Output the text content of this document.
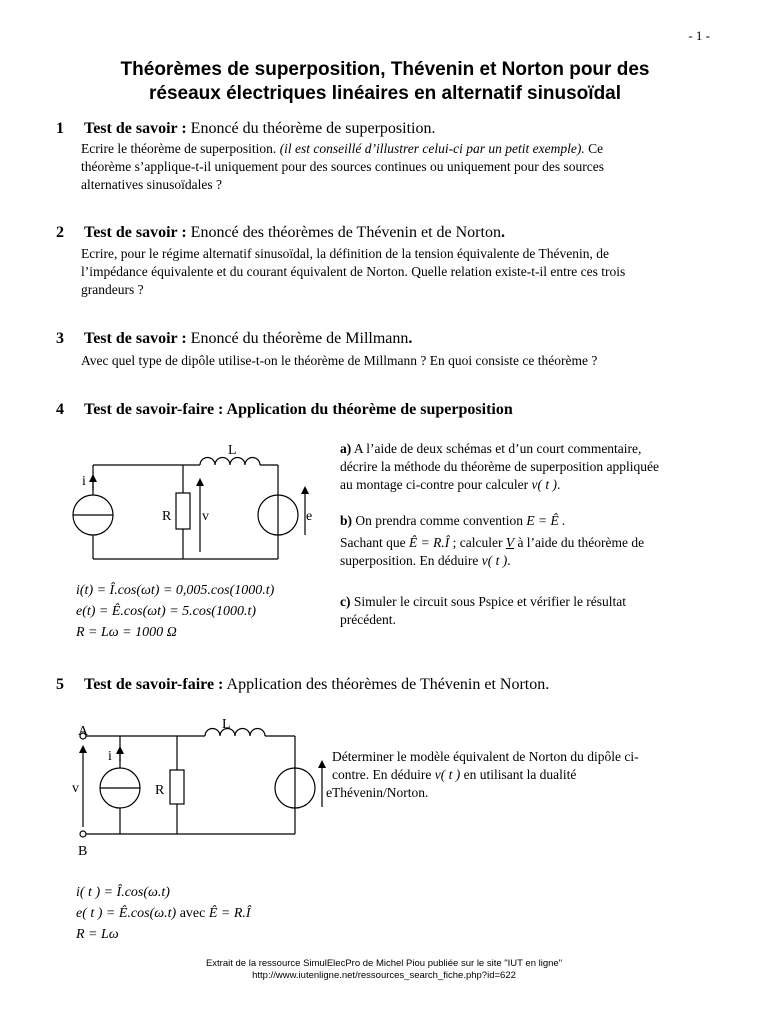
- 1 -
Théorèmes de superposition, Thévenin et Norton pour des
réseaux électriques linéaires en alternatif sinusoïdal
1 Test de savoir : Enoncé du théorème de superposition.
Ecrire le théorème de superposition. (il est conseillé d’illustrer celui-ci par un petit exemple). Ce
théorème s’applique-t-il uniquement pour des sources continues ou uniquement pour des sources
alternatives sinusoïdales ?
2 Test de savoir : Enoncé des théorèmes de Thévenin et de Norton.
Ecrire, pour le régime alternatif sinusoïdal, la définition de la tension équivalente de Thévenin, de
l’impédance équivalente et du courant équivalent de Norton. Quelle relation existe-t-il entre ces trois
grandeurs ?
3 Test de savoir : Enoncé du théorème de Millmann.
Avec quel type de dipôle utilise-t-on le théorème de Millmann ? En quoi consiste ce théorème ?
4 Test de savoir-faire : Application du théorème de superposition
L
i
R v	e
i(t) = Î.cos(ωt) = 0,005.cos(1000.t)
e(t) = Ê.cos(ωt) = 5.cos(1000.t)
R = Lω = 1000 Ω
a) A l’aide de deux schémas et d’un court commentaire,
décrire la méthode du théorème de superposition appliquée
au montage ci-contre pour calculer v( t ).
b) On prendra comme convention E = Ê .
Sachant que Ê = R.Î ; calculer V à l’aide du théorème de
superposition. En déduire v( t ).
c) Simuler le circuit sous Pspice et vérifier le résultat
précédent.
5 Test de savoir-faire : Application des théorèmes de Thévenin et Norton.
A
B
L
i
R
v	e
Déterminer le modèle équivalent de Norton du dipôle ci-
contre. En déduire v( t ) en utilisant la dualité
Thévenin/Norton.
i( t ) = Î.cos(ω.t)
e( t ) = Ê.cos(ω.t) avec Ê = R.Î
R = Lω
Extrait de la ressource SimulElecPro de Michel Piou publiée sur le site "IUT en ligne"
http://www.iutenligne.net/ressources_search_fiche.php?id=622
